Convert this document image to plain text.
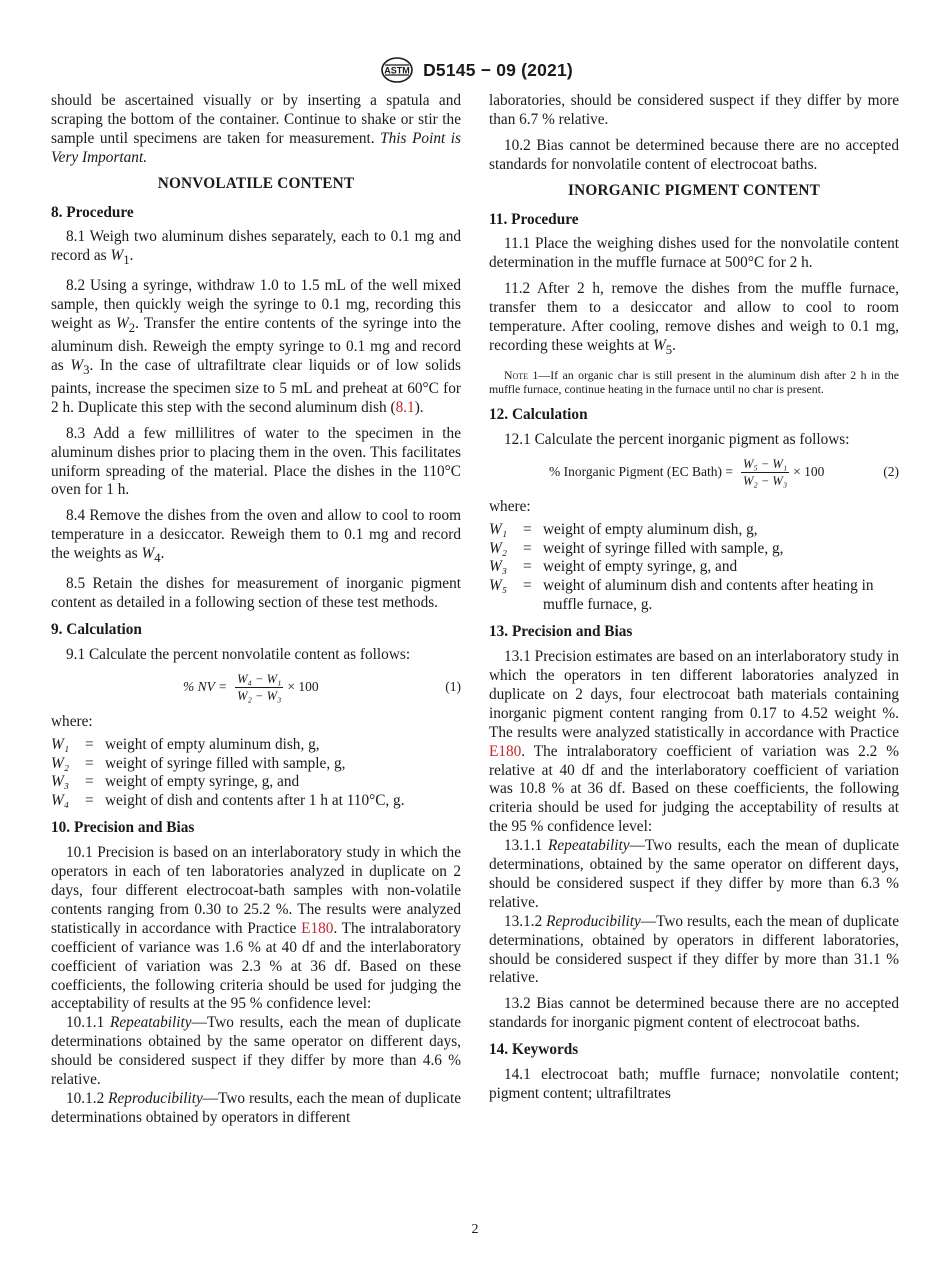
ASTM D5145 − 09 (2021)

should be ascertained visually or by inserting a spatula and scraping the bottom of the container. Continue to shake or stir the sample until specimens are taken for measurement. This Point is Very Important.

NONVOLATILE CONTENT
8. Procedure

8.1 Weigh two aluminum dishes separately, each to 0.1 mg and record as $W_1$.

8.2 Using a syringe, withdraw 1.0 to 1.5 mL of the well mixed sample, then quickly weigh the syringe to 0.1 mg, recording this weight as $W_2$. Transfer the entire contents of the syringe into the aluminum dish. Reweigh the empty syringe to 0.1 mg and record as $W_3$. In the case of ultrafiltrate clear liquids or of low solids paints, increase the specimen size to 5 mL and preheat at 60°C for 2 h. Duplicate this step with the second aluminum dish (8.1).

8.3 Add a few millilitres of water to the specimen in the aluminum dishes prior to placing them in the oven. This facilitates uniform spreading of the material. Place the dishes in the 110°C oven for 1 h.

8.4 Remove the dishes from the oven and allow to cool to room temperature in a desiccator. Reweigh them to 0.1 mg and record the weights as $W_4$.

8.5 Retain the dishes for measurement of inorganic pigment content as detailed in a following section of these test methods.

9. Calculation

9.1 Calculate the percent nonvolatile content as follows:

% NV = $\frac{\text{W₄ − W₁}}{\text{W₂ − W₃}} \times 100$	(1)

where:

W₁	= weight of empty aluminum dish, g,
W₂	= weight of syringe filled with sample, g,
W₃	= weight of empty syringe, g, and
W₄	= weight of dish and contents after 1 h at 110°C, g.
10. Precision and Bias

10.1 Precision is based on an interlaboratory study in which the operators in each of ten laboratories analyzed in duplicate on 2 days, four different electrocoat-bath samples with non-volatile contents ranging from 0.30 to 25.2 %. The results were analyzed statistically in accordance with Practice E180. The intralaboratory coefficient of variance was 1.6 % at 40 df and the interlaboratory coefficient of variation was 2.3 % at 36 df. Based on these coefficients, the following criteria should be used for judging the acceptability of results at the 95 % confidence level:

10.1.1 Repeatability—Two results, each the mean of duplicate determinations obtained by the same operator on different days, should be considered suspect if they differ by more than 4.6 % relative.

10.1.2 Reproducibility—Two results, each the mean of duplicate determinations obtained by operators in different

laboratories, should be considered suspect if they differ by more than 6.7 % relative.

10.2 Bias cannot be determined because there are no accepted standards for nonvolatile content of electrocoat baths.

INORGANIC PIGMENT CONTENT
11. Procedure

11.1 Place the weighing dishes used for the nonvolatile content determination in the muffle furnace at 500°C for 2 h.

11.2 After 2 h, remove the dishes from the muffle furnace, transfer them to a desiccator and allow to cool to room temperature. After cooling, remove dishes and weigh to 0.1 mg, recording these weights at $W_5$.

Note 1—If an organic char is still present in the aluminum dish after 2 h in the muffle furnace, continue heating in the furnace until no char is present.

12. Calculation

12.1 Calculate the percent inorganic pigment as follows:

% Inorganic Pigment (EC Bath) = $\frac{\text{W₅ − W₁}}{\text{W₂ − W₃}} \times 100$	(2)

where:

W₁	= weight of empty aluminum dish, g,
W₂	= weight of syringe filled with sample, g,
W₃	= weight of empty syringe, g, and
W₅	= weight of aluminum dish and contents after heating in muffle furnace, g.
13. Precision and Bias

13.1 Precision estimates are based on an interlaboratory study in which the operators in ten different laboratories analyzed in duplicate on 2 days, four electrocoat bath materials containing inorganic pigment content ranging from 0.17 to 4.52 weight %. The results were analyzed statistically in accordance with Practice E180. The intralaboratory coefficient of variation was 2.2 % relative at 40 df and the interlaboratory coefficient of variation was 10.8 % at 36 df. Based on these coefficients, the following criteria should be used for judging the acceptability of results at the 95 % confidence level:

13.1.1 Repeatability—Two results, each the mean of duplicate determinations, obtained by the same operator on different days, should be considered suspect if they differ by more than 6.3 % relative.

13.1.2 Reproducibility—Two results, each the mean of duplicate determinations, obtained by operators in different laboratories, should be considered suspect if they differ by more than 31.1 % relative.

13.2 Bias cannot be determined because there are no accepted standards for inorganic pigment content of electrocoat baths.

14. Keywords

14.1 electrocoat bath; muffle furnace; nonvolatile content; pigment content; ultrafiltrates

2
